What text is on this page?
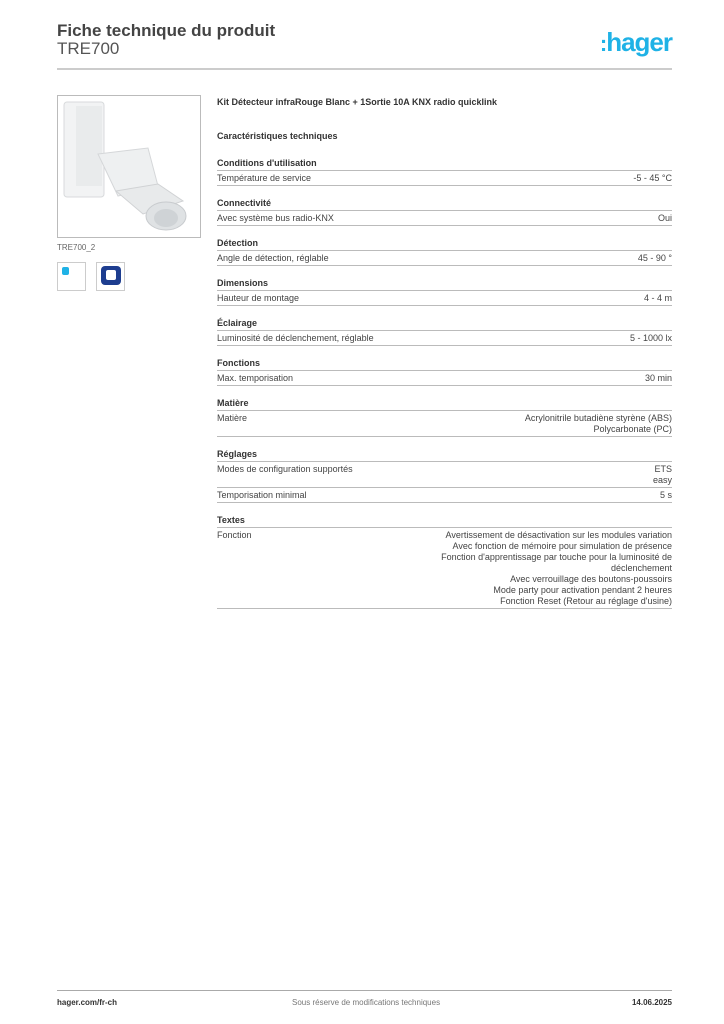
Fiche technique du produit
TRE700	:hager
TRE700_2
Kit Détecteur infraRouge Blanc + 1Sortie 10A KNX radio quicklink
Caractéristiques techniques
Conditions d'utilisation
Température de service	-5 - 45 °C
Connectivité
Avec système bus radio-KNX	Oui
Détection
Angle de détection, réglable	45 - 90 °
Dimensions
Hauteur de montage	4 - 4 m
Éclairage
Luminosité de déclenchement, réglable	5 - 1000 lx
Fonctions
Max. temporisation	30 min
Matière
Matière	Acrylonitrile butadiène styrène (ABS)
Polycarbonate (PC)
Réglages
Modes de configuration supportés	ETS
easy
Temporisation minimal	5 s
Textes
Fonction	Avertissement de désactivation sur les modules variation
Avec fonction de mémoire pour simulation de présence
Fonction d'apprentissage par touche pour la luminosité de
déclenchement
Avec verrouillage des boutons-poussoirs
Mode party pour activation pendant 2 heures
Fonction Reset (Retour au réglage d'usine)
hager.com/fr-ch	Sous réserve de modifications techniques	14.06.2025
